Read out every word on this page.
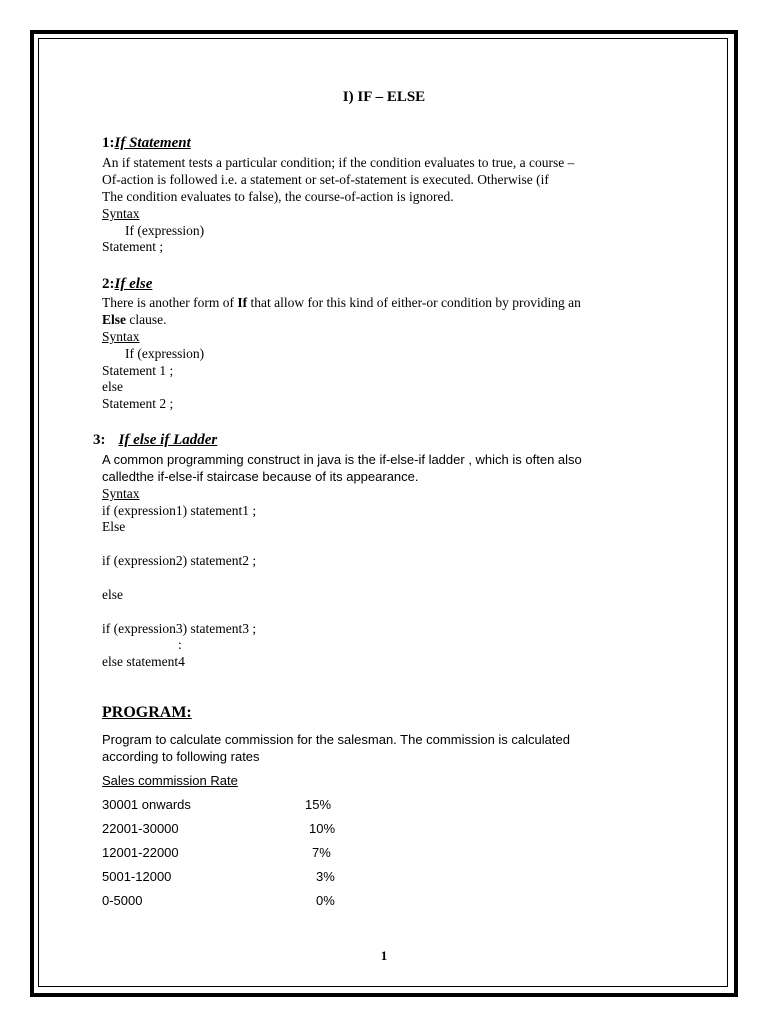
I) IF – ELSE
1:If Statement
An if statement tests a particular condition; if the condition evaluates to true, a course –
Of-action is followed i.e. a statement or set-of-statement is executed. Otherwise (if
The condition evaluates to false), the course-of-action is ignored.
Syntax
If (expression)
Statement ;
2:If else
There is another form of If that allow for this kind of either-or condition by providing an
Else clause.
Syntax
If (expression)
Statement 1 ;
else
Statement 2 ;
3: If else if Ladder
A common programming construct in java is the if-else-if ladder , which is often also
calledthe if-else-if staircase because of its appearance.
Syntax
if (expression1) statement1 ;
Else
if (expression2) statement2 ;
else
if (expression3) statement3 ;
:
else statement4
PROGRAM:
Program to calculate commission for the salesman. The commission is calculated
according to following rates
Sales commission Rate
30001 onwards	15%
22001-30000	10%
12001-22000	7%
5001-12000	3%
0-5000	0%
1
